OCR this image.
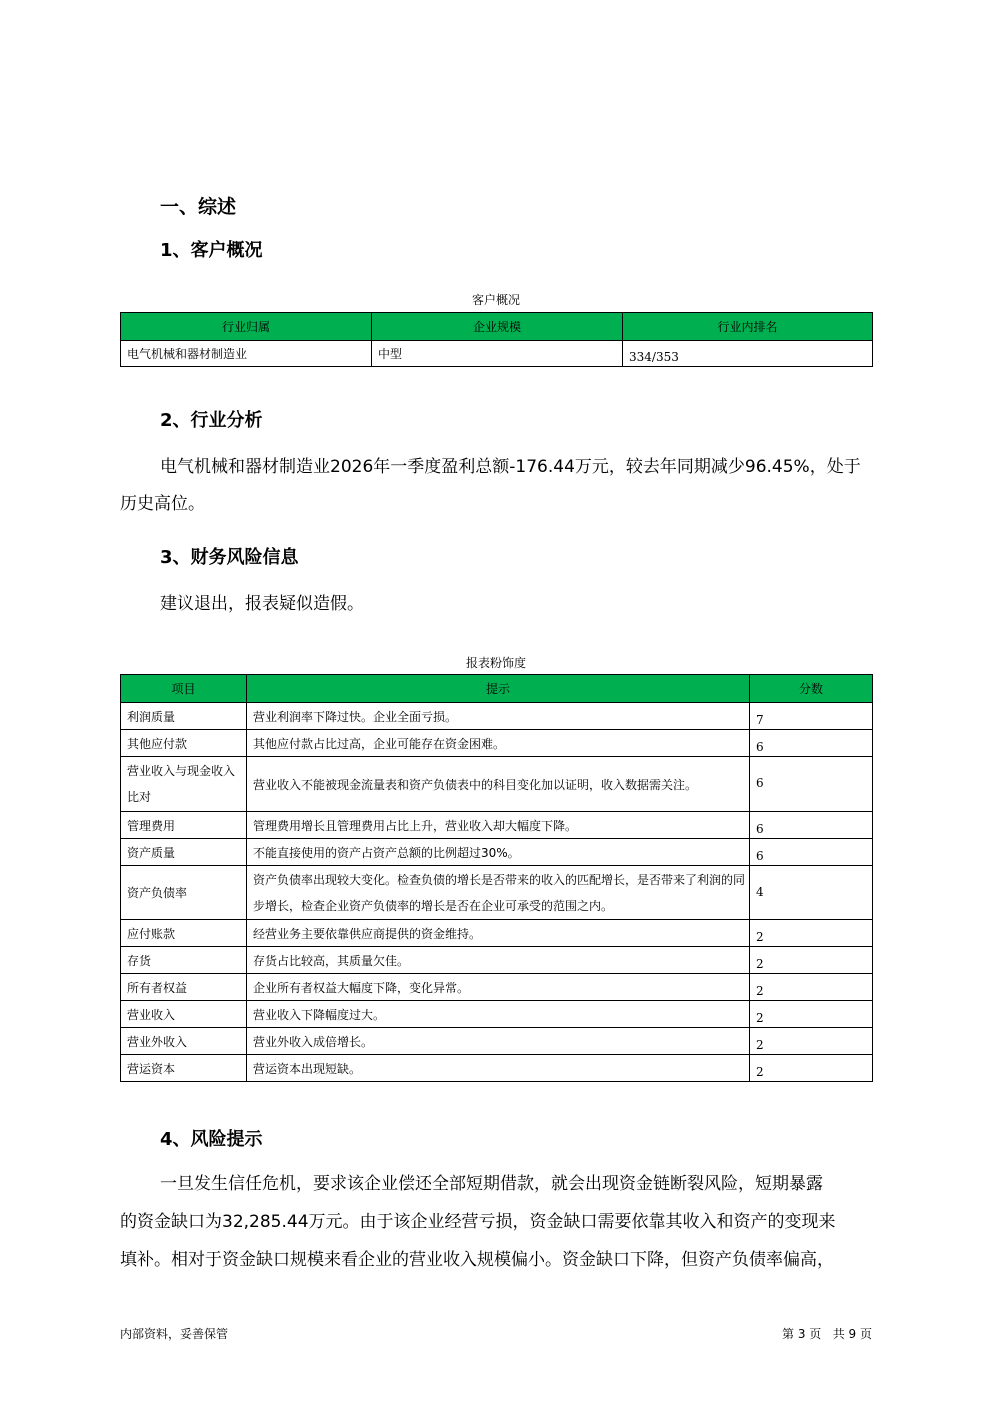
一、综述
1、客户概况
客户概况
行业归属	企业规模	行业内排名
电气机械和器材制造业	中型	334/353
2、行业分析
电气机械和器材制造业2026年一季度盈利总额-176.44万元，较去年同期减少96.45%，处于
历史高位。
3、财务风险信息
建议退出，报表疑似造假。
报表粉饰度
项目	提示	分数
利润质量	营业利润率下降过快。企业全面亏损。	7
其他应付款	其他应付款占比过高，企业可能存在资金困难。	6
营业收入与现金收入比对	营业收入不能被现金流量表和资产负债表中的科目变化加以证明，收入数据需关注。	6
管理费用	管理费用增长且管理费用占比上升，营业收入却大幅度下降。	6
资产质量	不能直接使用的资产占资产总额的比例超过30%。	6
资产负债率	资产负债率出现较大变化。检查负债的增长是否带来的收入的匹配增长，是否带来了利润的同步增长，检查企业资产负债率的增长是否在企业可承受的范围之内。	4
应付账款	经营业务主要依靠供应商提供的资金维持。	2
存货	存货占比较高，其质量欠佳。	2
所有者权益	企业所有者权益大幅度下降，变化异常。	2
营业收入	营业收入下降幅度过大。	2
营业外收入	营业外收入成倍增长。	2
营运资本	营运资本出现短缺。	2
4、风险提示
一旦发生信任危机，要求该企业偿还全部短期借款，就会出现资金链断裂风险，短期暴露
的资金缺口为32,285.44万元。由于该企业经营亏损，资金缺口需要依靠其收入和资产的变现来
填补。相对于资金缺口规模来看企业的营业收入规模偏小。资金缺口下降，但资产负债率偏高，
内部资料，妥善保管	第 3 页   共 9 页
